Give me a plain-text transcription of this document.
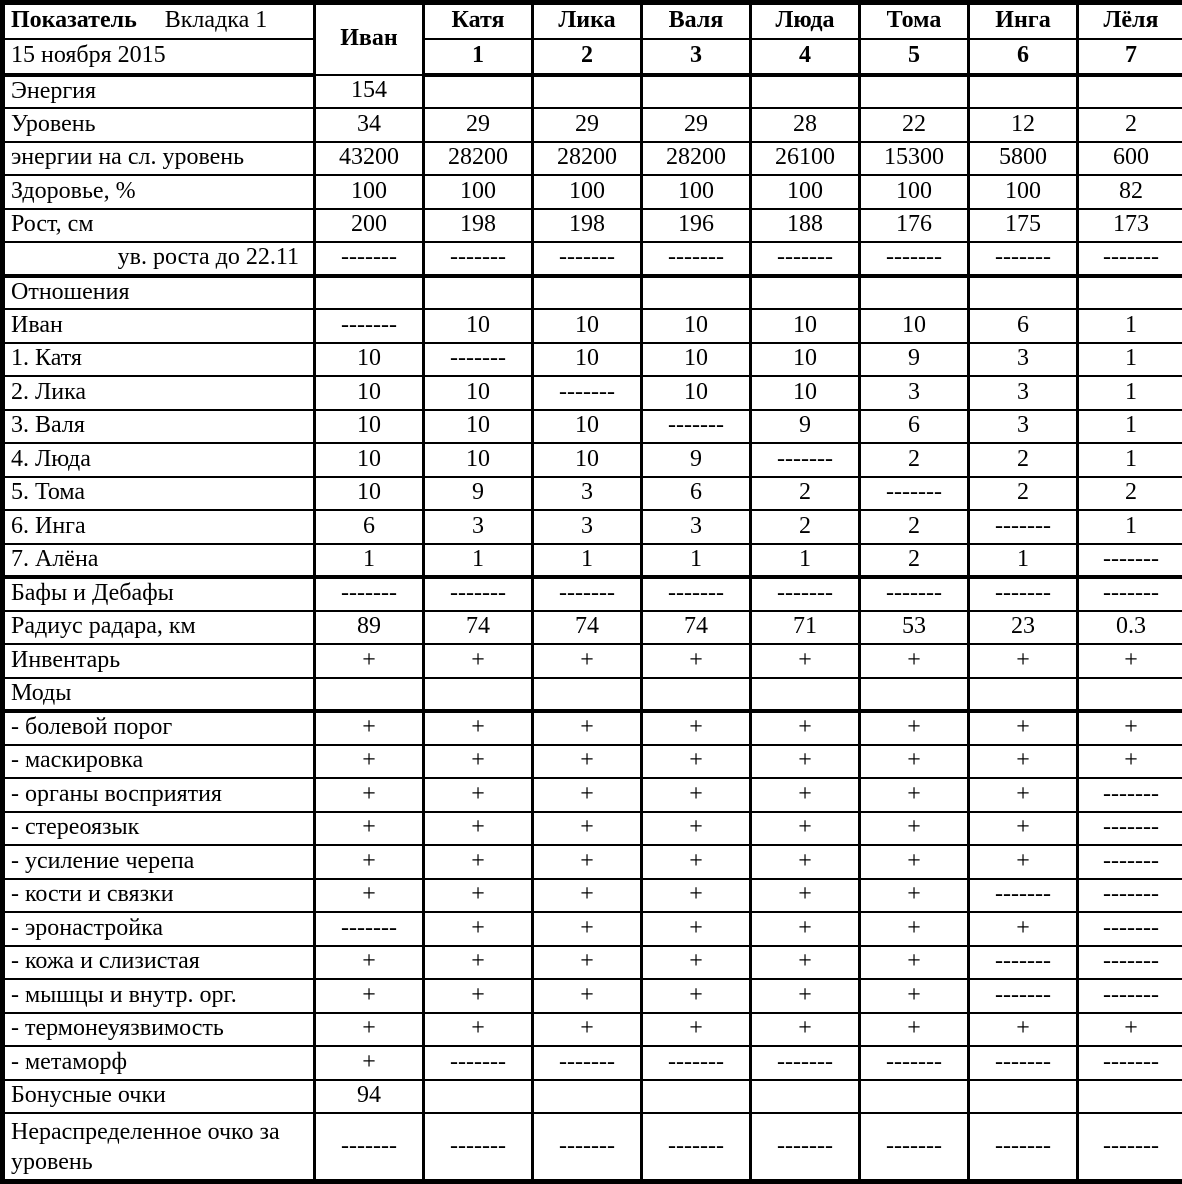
Показатель Вкладка 1	Иван	Катя	Лика	Валя	Люда	Тома	Инга	Лёля
15 ноября 2015		1	2	3	4	5	6	7
Энергия	154							
Уровень	34	29	29	29	28	22	12	2
энергии на сл. уровень	43200	28200	28200	28200	26100	15300	5800	600
Здоровье, %	100	100	100	100	100	100	100	82
Рост, см	200	198	198	196	188	176	175	173
ув. роста до 22.11	-------	-------	-------	-------	-------	-------	-------	-------
Отношения								
Иван	-------	10	10	10	10	10	6	1
1. Катя	10	-------	10	10	10	9	3	1
2. Лика	10	10	-------	10	10	3	3	1
3. Валя	10	10	10	-------	9	6	3	1
4. Люда	10	10	10	9	-------	2	2	1
5. Тома	10	9	3	6	2	-------	2	2
6. Инга	6	3	3	3	2	2	-------	1
7. Алёна	1	1	1	1	1	2	1	-------
Бафы и Дебафы	-------	-------	-------	-------	-------	-------	-------	-------
Радиус радара, км	89	74	74	74	71	53	23	0.3
Инвентарь	+	+	+	+	+	+	+	+
Моды								
- болевой порог	+	+	+	+	+	+	+	+
- маскировка	+	+	+	+	+	+	+	+
- органы восприятия	+	+	+	+	+	+	+	-------
- стереоязык	+	+	+	+	+	+	+	-------
- усиление черепа	+	+	+	+	+	+	+	-------
- кости и связки	+	+	+	+	+	+	-------	-------
- эронастройка	-------	+	+	+	+	+	+	-------
- кожа и слизистая	+	+	+	+	+	+	-------	-------
- мышцы и внутр. орг.	+	+	+	+	+	+	-------	-------
- термонеуязвимость	+	+	+	+	+	+	+	+
- метаморф	+	-------	-------	-------	-------	-------	-------	-------
Бонусные очки	94							
Нераспределенное очко за уровень	-------	-------	-------	-------	-------	-------	-------	-------
